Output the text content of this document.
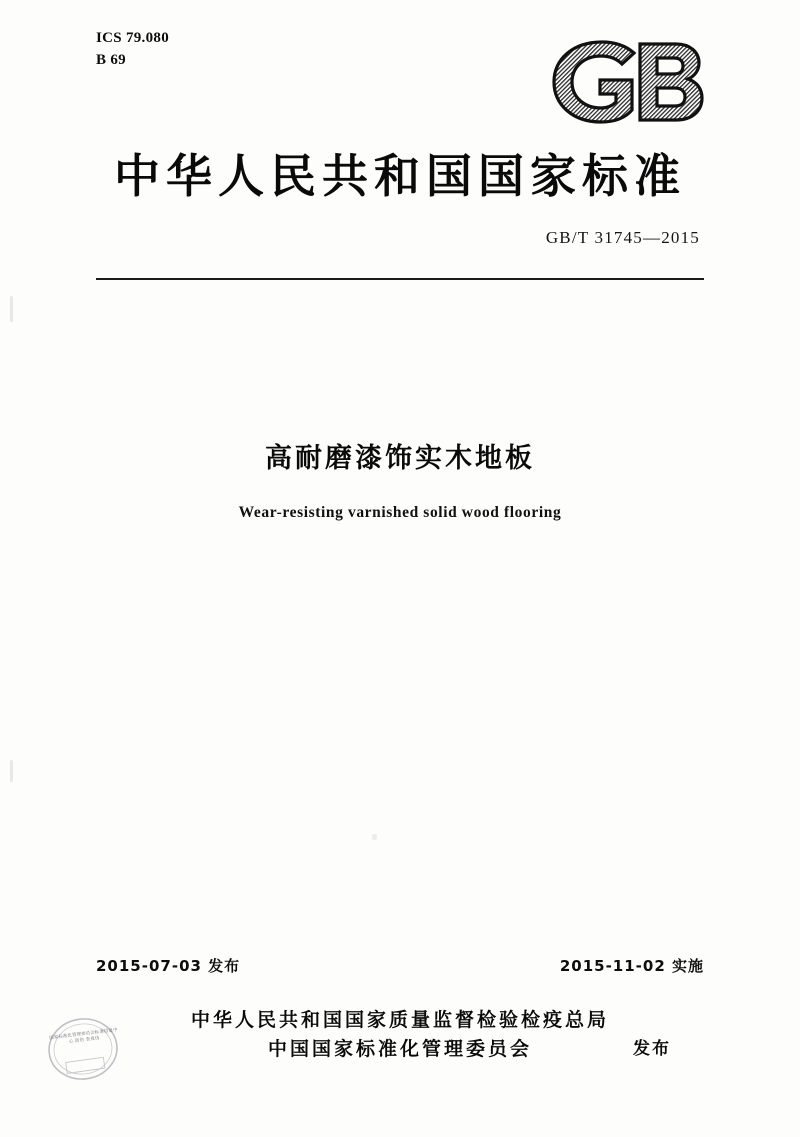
ICS 79.080
B 69
中华人民共和国国家标准
GB/T 31745—2015
高耐磨漆饰实木地板
Wear-resisting varnished solid wood flooring
2015-07-03 发布	2015-11-02 实施
中华人民共和国国家质量监督检验检疫总局
中国国家标准化管理委员会	发布
国家标准化管理委员会标准信息中心 防伪 查真伪
